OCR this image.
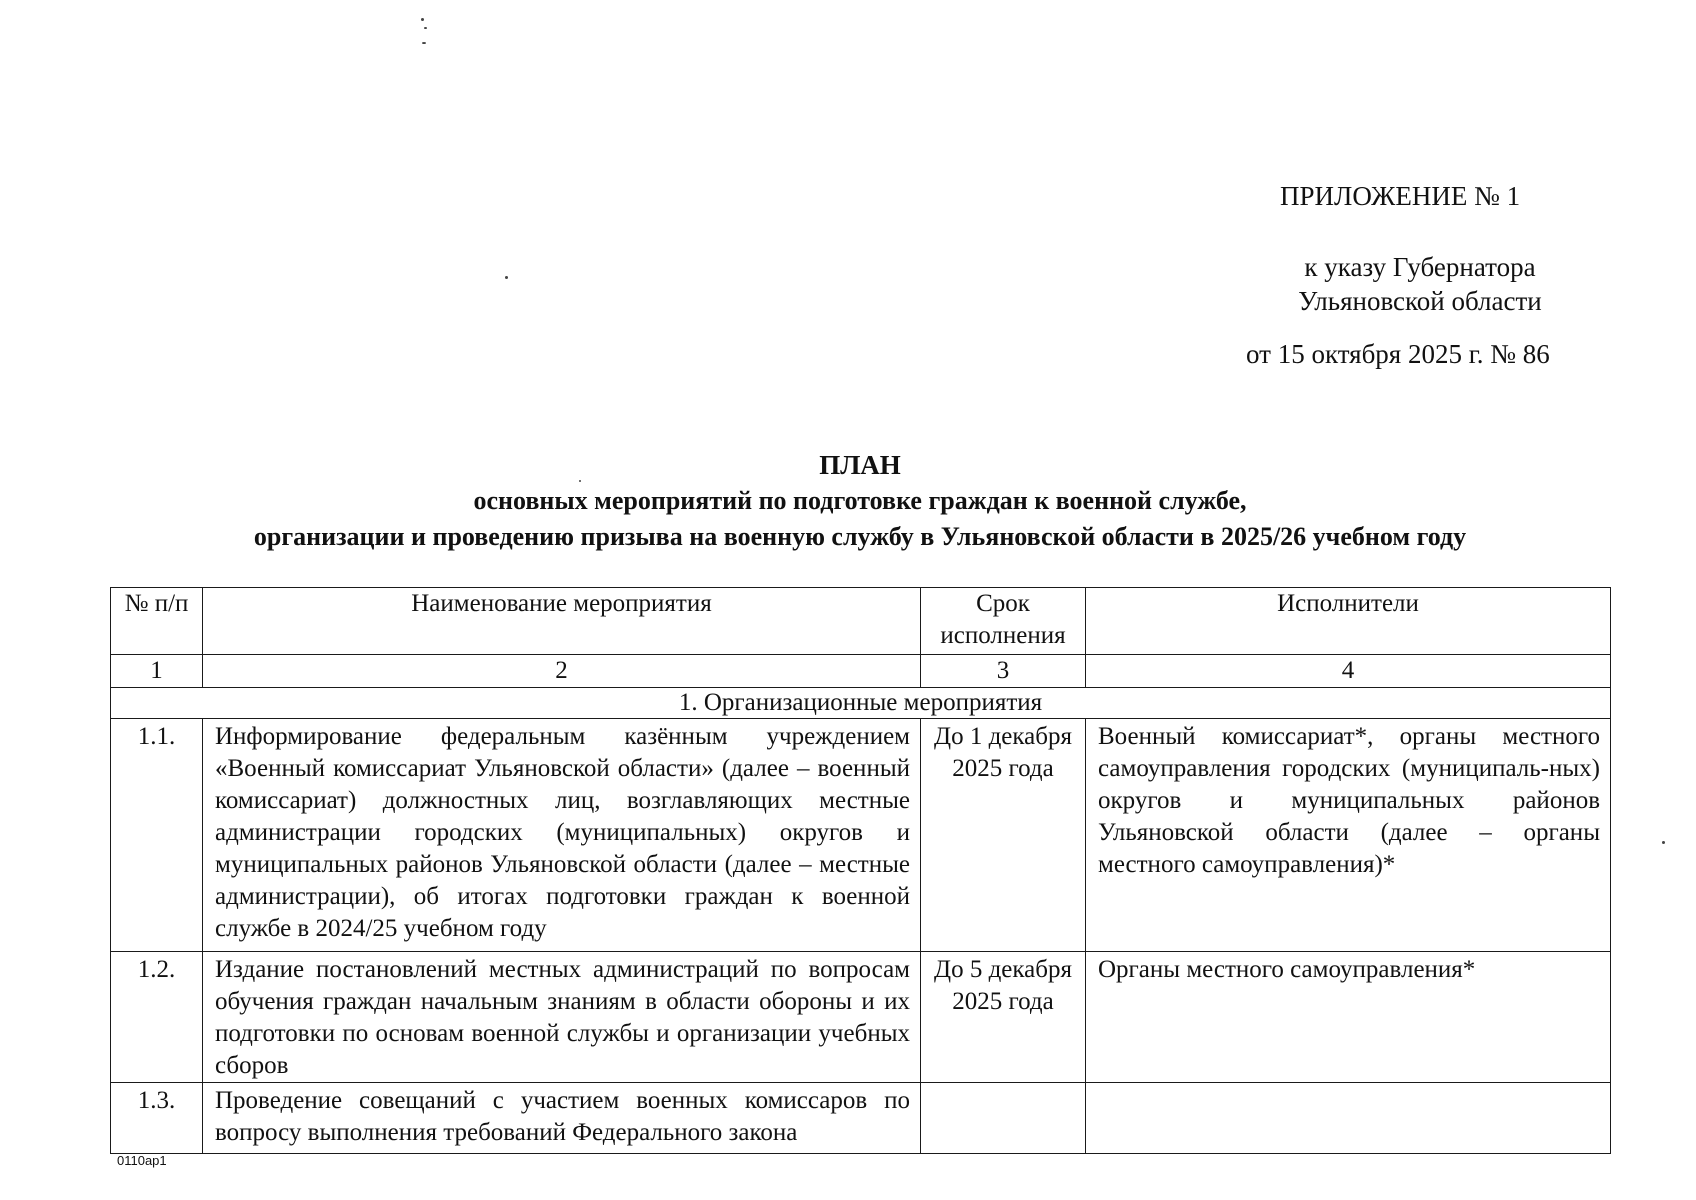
ПРИЛОЖЕНИЕ № 1
к указу Губернатора Ульяновской области
от 15 октября 2025 г. № 86
ПЛАН
основных мероприятий по подготовке граждан к военной службе,
организации и проведению призыва на военную службу в Ульяновской области в 2025/26 учебном году
№ п/п	Наименование мероприятия	Срок исполнения	Исполнители
1	2	3	4
1. Организационные мероприятия			
1.1.	Информирование федеральным казённым учреждением «Военный комиссариат Ульяновской области» (далее – военный комиссариат) должностных лиц, возглавляющих местные администрации городских (муниципальных) округов и муниципальных районов Ульяновской области (далее – местные администрации), об итогах подготовки граждан к военной службе в 2024/25 учебном году	До 1 декабря 2025 года	Военный комиссариат*, органы местного самоуправления городских (муниципаль-ных) округов и муниципальных районов Ульяновской области (далее – органы местного самоуправления)*
1.2.	Издание постановлений местных администраций по вопросам обучения граждан начальным знаниям в области обороны и их подготовки по основам военной службы и организации учебных сборов	До 5 декабря 2025 года	Органы местного самоуправления*
1.3.	Проведение совещаний с участием военных комиссаров по вопросу выполнения требований Федерального закона		
0110ap1
